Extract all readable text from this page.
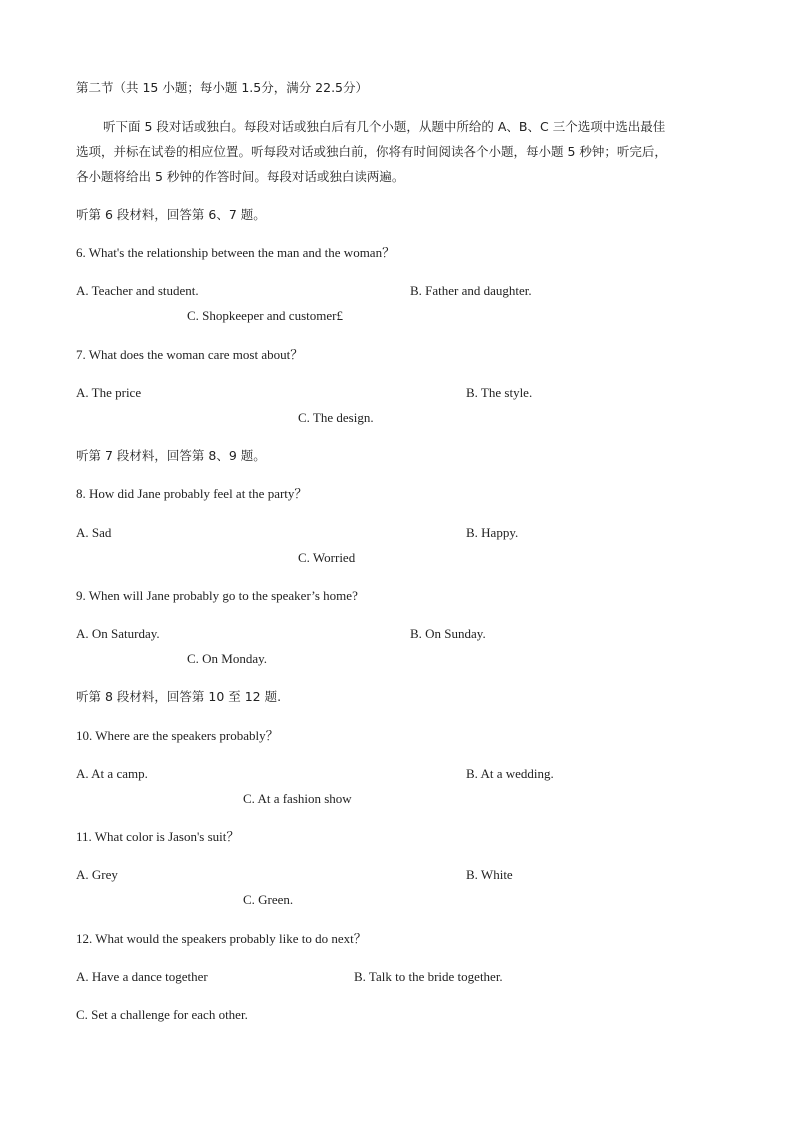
第二节（共 15 小题；每小题 1.5分，满分 22.5分）
听下面 5 段对话或独白。每段对话或独白后有几个小题，从题中所给的 A、B、C 三个选项中选出最佳
选项，并标在试卷的相应位置。听每段对话或独白前，你将有时间阅读各个小题，每小题 5 秒钟；听完后，
各小题将给出 5 秒钟的作答时间。每段对话或独白读两遍。
听第 6 段材料，回答第 6、7 题。
6. What's the relationship between the man and the woman？
A. Teacher and student.	B. Father and daughter.
C. Shopkeeper and customer£
7. What does the woman care most about？
A. The price	B. The style.
C. The design.
听第 7 段材料，回答第 8、9 题。
8. How did Jane probably feel at the party？
A. Sad	B. Happy.
C. Worried
9. When will Jane probably go to the speaker’s home?
A. On Saturday.	B. On Sunday.
C. On Monday.
听第 8 段材料，回答第 10 至 12 题.
10. Where are the speakers probably？
A. At a camp.	B. At a wedding.
C. At a fashion show
11. What color is Jason's suit？
A. Grey	B. White
C. Green.
12. What would the speakers probably like to do next？
A. Have a dance together	B. Talk to the bride together.
C. Set a challenge for each other.
